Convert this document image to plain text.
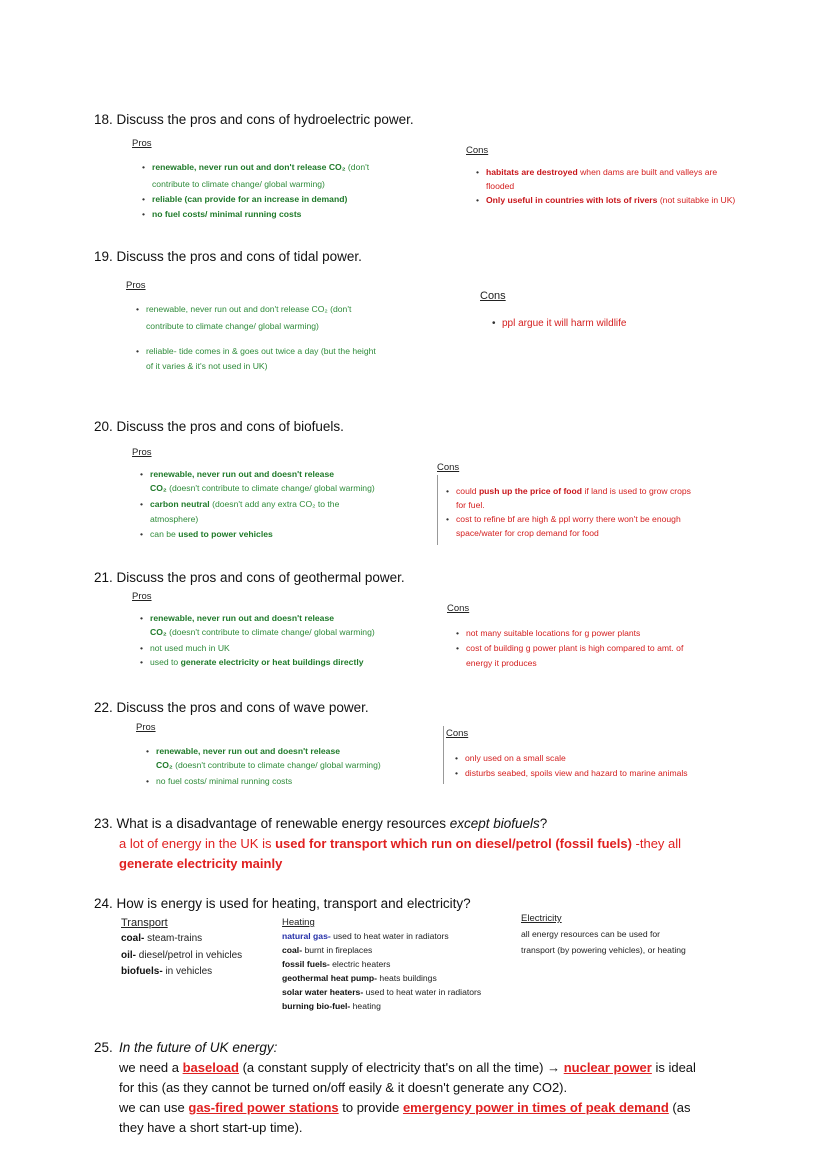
18. Discuss the pros and cons of hydroelectric power.
Pros
• renewable, never run out and don't release CO₂ (don't
contribute to climate change/ global warming)
• reliable (can provide for an increase in demand)
• no fuel costs/ minimal running costs
Cons
• habitats are destroyed when dams are built and valleys are
flooded
• Only useful in countries with lots of rivers (not suitabke in UK)
19. Discuss the pros and cons of tidal power.
Pros
• renewable, never run out and don't release CO₂ (don't
contribute to climate change/ global warming)
• reliable- tide comes in & goes out twice a day (but the height
of it varies & it's not used in UK)
Cons
• ppl argue it will harm wildlife
20. Discuss the pros and cons of biofuels.
Pros
• renewable, never run out and doesn't release
CO₂ (doesn't contribute to climate change/ global warming)
• carbon neutral (doesn't add any extra CO₂ to the
atmosphere)
• can be used to power vehicles
Cons
• could push up the price of food if land is used to grow crops
for fuel.
• cost to refine bf are high & ppl worry there won't be enough
space/water for crop demand for food
21. Discuss the pros and cons of geothermal power.
Pros
• renewable, never run out and doesn't release
CO₂ (doesn't contribute to climate change/ global warming)
• not used much in UK
• used to generate electricity or heat buildings directly
Cons
• not many suitable locations for g power plants
• cost of building g power plant is high compared to amt. of
energy it produces
22. Discuss the pros and cons of wave power.
Pros
• renewable, never run out and doesn't release
CO₂ (doesn't contribute to climate change/ global warming)
• no fuel costs/ minimal running costs
Cons
• only used on a small scale
• disturbs seabed, spoils view and hazard to marine animals
23. What is a disadvantage of renewable energy resources except biofuels?
a lot of energy in the UK is used for transport which run on diesel/petrol (fossil fuels) -they all
generate electricity mainly
24. How is energy is used for heating, transport and electricity?
Transport
coal- steam-trains
oil- diesel/petrol in vehicles
biofuels- in vehicles
Heating
natural gas- used to heat water in radiators
coal- burnt in fireplaces
fossil fuels- electric heaters
geothermal heat pump- heats buildings
solar water heaters- used to heat water in radiators
burning bio-fuel- heating
Electricity
all energy resources can be used for
transport (by powering vehicles), or heating
25. In the future of UK energy:
we need a baseload (a constant supply of electricity that's on all the time) → nuclear power is ideal
for this (as they cannot be turned on/off easily & it doesn't generate any CO2).
we can use gas-fired power stations to provide emergency power in times of peak demand (as
they have a short start-up time).
